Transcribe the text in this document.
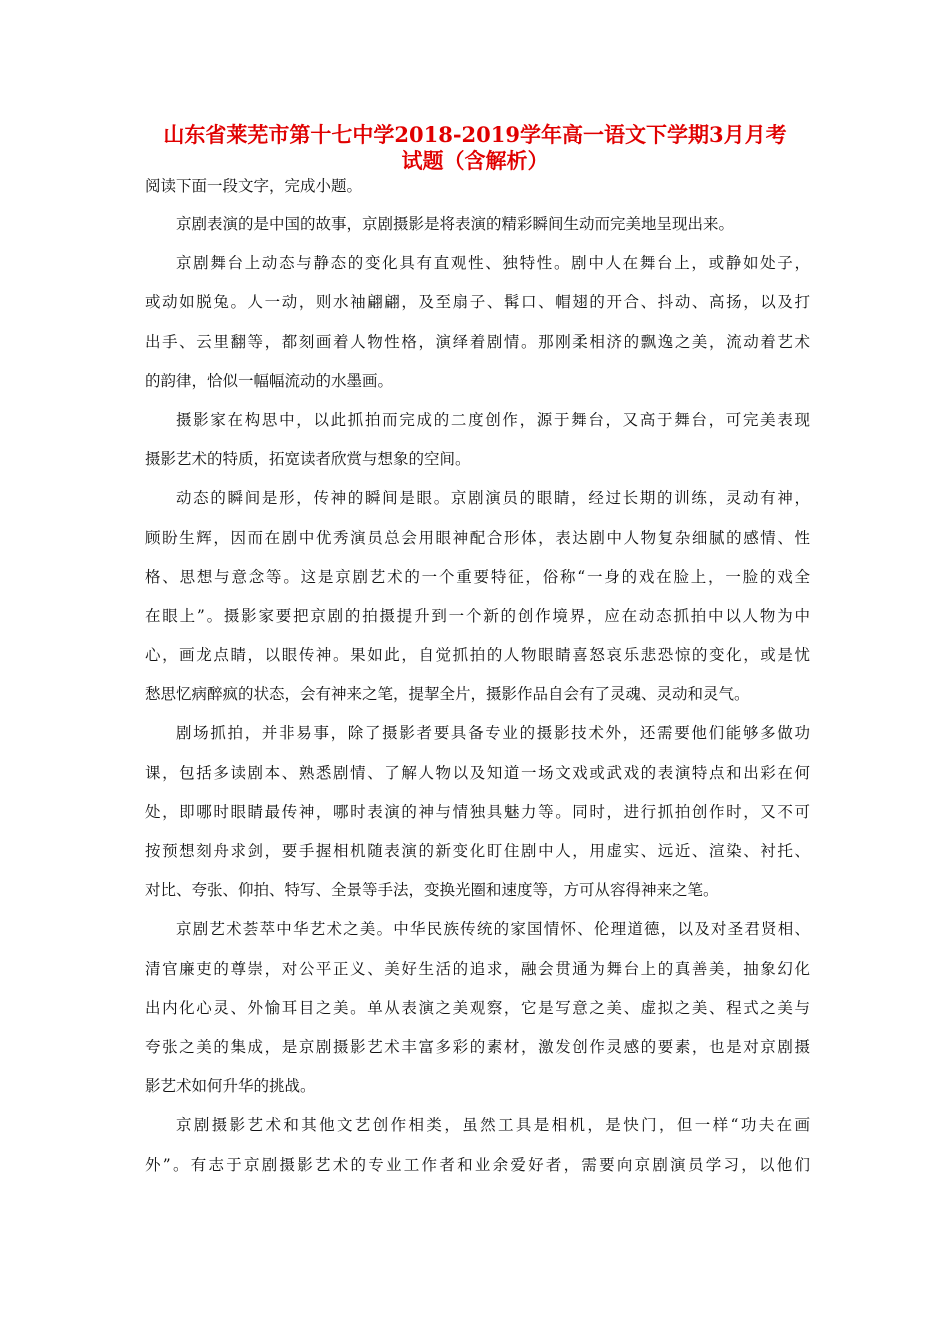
山东省莱芜市第十七中学2018-2019学年高一语文下学期3月月考
试题（含解析）

阅读下面一段文字，完成小题。

京剧表演的是中国的故事，京剧摄影是将表演的精彩瞬间生动而完美地呈现出来。
京剧舞台上动态与静态的变化具有直观性、独特性。剧中人在舞台上，或静如处子，
或动如脱兔。人一动，则水袖翩翩，及至扇子、髯口、帽翅的开合、抖动、高扬，以及打
出手、云里翻等，都刻画着人物性格，演绎着剧情。那刚柔相济的飘逸之美，流动着艺术
的韵律，恰似一幅幅流动的水墨画。
摄影家在构思中，以此抓拍而完成的二度创作，源于舞台，又高于舞台，可完美表现
摄影艺术的特质，拓宽读者欣赏与想象的空间。
动态的瞬间是形，传神的瞬间是眼。京剧演员的眼睛，经过长期的训练，灵动有神，
顾盼生辉，因而在剧中优秀演员总会用眼神配合形体，表达剧中人物复杂细腻的感情、性
格、思想与意念等。这是京剧艺术的一个重要特征，俗称“一身的戏在脸上，一脸的戏全
在眼上”。摄影家要把京剧的拍摄提升到一个新的创作境界，应在动态抓拍中以人物为中
心，画龙点睛，以眼传神。果如此，自觉抓拍的人物眼睛喜怒哀乐悲恐惊的变化，或是忧
愁思忆病醉疯的状态，会有神来之笔，提挈全片，摄影作品自会有了灵魂、灵动和灵气。
剧场抓拍，并非易事，除了摄影者要具备专业的摄影技术外，还需要他们能够多做功
课，包括多读剧本、熟悉剧情、了解人物以及知道一场文戏或武戏的表演特点和出彩在何
处，即哪时眼睛最传神，哪时表演的神与情独具魅力等。同时，进行抓拍创作时，又不可
按预想刻舟求剑，要手握相机随表演的新变化盯住剧中人，用虚实、远近、渲染、衬托、
对比、夸张、仰拍、特写、全景等手法，变换光圈和速度等，方可从容得神来之笔。
京剧艺术荟萃中华艺术之美。中华民族传统的家国情怀、伦理道德，以及对圣君贤相、
清官廉吏的尊崇，对公平正义、美好生活的追求，融会贯通为舞台上的真善美，抽象幻化
出内化心灵、外愉耳目之美。单从表演之美观察，它是写意之美、虚拟之美、程式之美与
夸张之美的集成，是京剧摄影艺术丰富多彩的素材，激发创作灵感的要素，也是对京剧摄
影艺术如何升华的挑战。
京剧摄影艺术和其他文艺创作相类，虽然工具是相机，是快门，但一样“功夫在画
外”。有志于京剧摄影艺术的专业工作者和业余爱好者，需要向京剧演员学习，以他们
